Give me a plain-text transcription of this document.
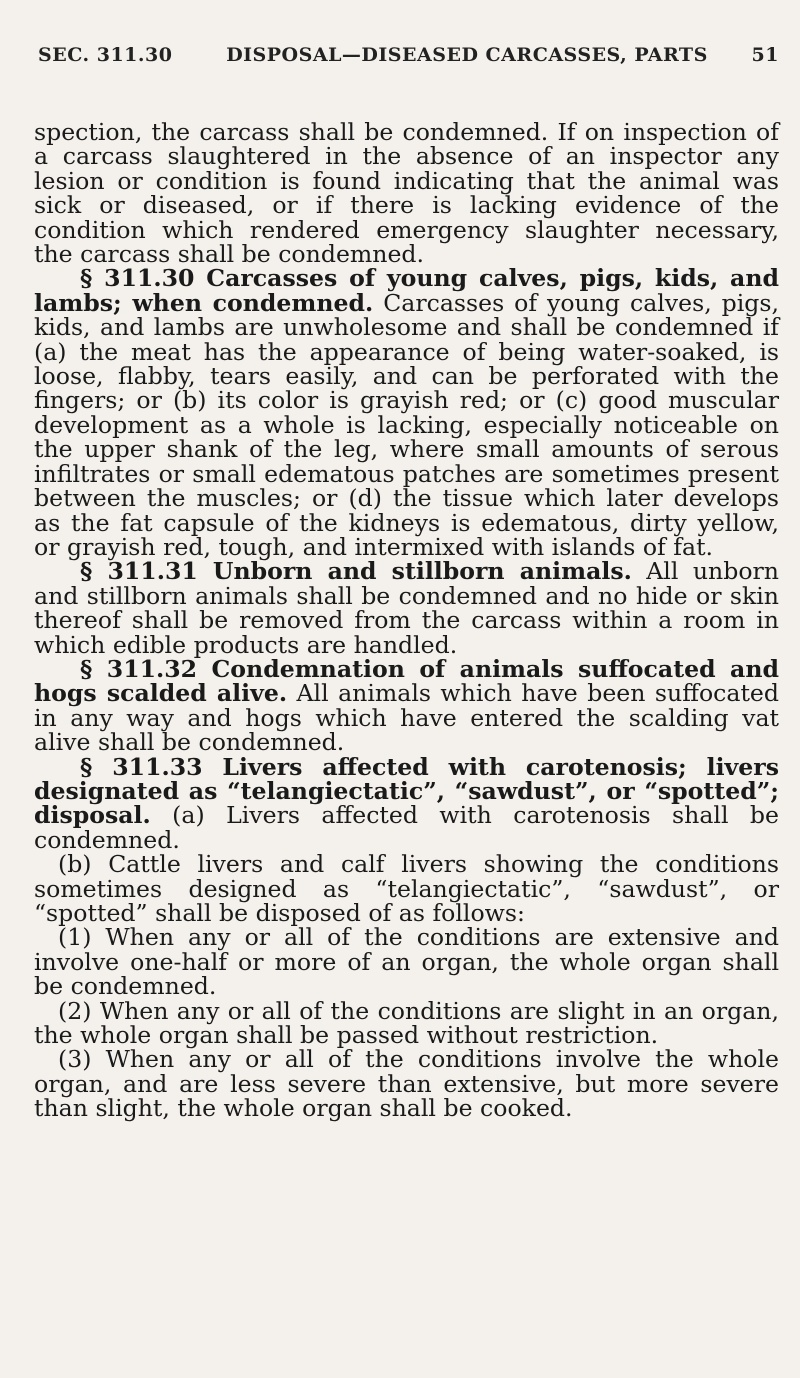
SEC. 311.30	DISPOSAL—DISEASED CARCASSES, PARTS	51

spection, the carcass shall be condemned. If on inspection of a carcass slaughtered in the absence of an inspector any lesion or condition is found indicating that the animal was sick or diseased, or if there is lacking evidence of the condition which rendered emergency slaughter necessary, the carcass shall be condemned.

§ 311.30 Carcasses of young calves, pigs, kids, and lambs; when condemned. Carcasses of young calves, pigs, kids, and lambs are unwholesome and shall be condemned if (a) the meat has the appearance of being water-soaked, is loose, flabby, tears easily, and can be perforated with the fingers; or (b) its color is grayish red; or (c) good muscular development as a whole is lacking, especially noticeable on the upper shank of the leg, where small amounts of serous infiltrates or small edematous patches are sometimes present between the muscles; or (d) the tissue which later develops as the fat capsule of the kidneys is edematous, dirty yellow, or grayish red, tough, and intermixed with islands of fat.

§ 311.31 Unborn and stillborn animals. All unborn and stillborn animals shall be condemned and no hide or skin thereof shall be removed from the carcass within a room in which edible products are handled.

§ 311.32 Condemnation of animals suffocated and hogs scalded alive. All animals which have been suffocated in any way and hogs which have entered the scalding vat alive shall be condemned.

§ 311.33 Livers affected with carotenosis; livers designated as “telangiectatic”, “sawdust”, or “spotted”; disposal. (a) Livers affected with carotenosis shall be condemned.

(b) Cattle livers and calf livers showing the conditions sometimes designed as “telangiectatic”, “sawdust”, or “spotted” shall be disposed of as follows:

(1) When any or all of the conditions are extensive and involve one-half or more of an organ, the whole organ shall be condemned.

(2) When any or all of the conditions are slight in an organ, the whole organ shall be passed without restriction.

(3) When any or all of the conditions involve the whole organ, and are less severe than extensive, but more severe than slight, the whole organ shall be cooked.
